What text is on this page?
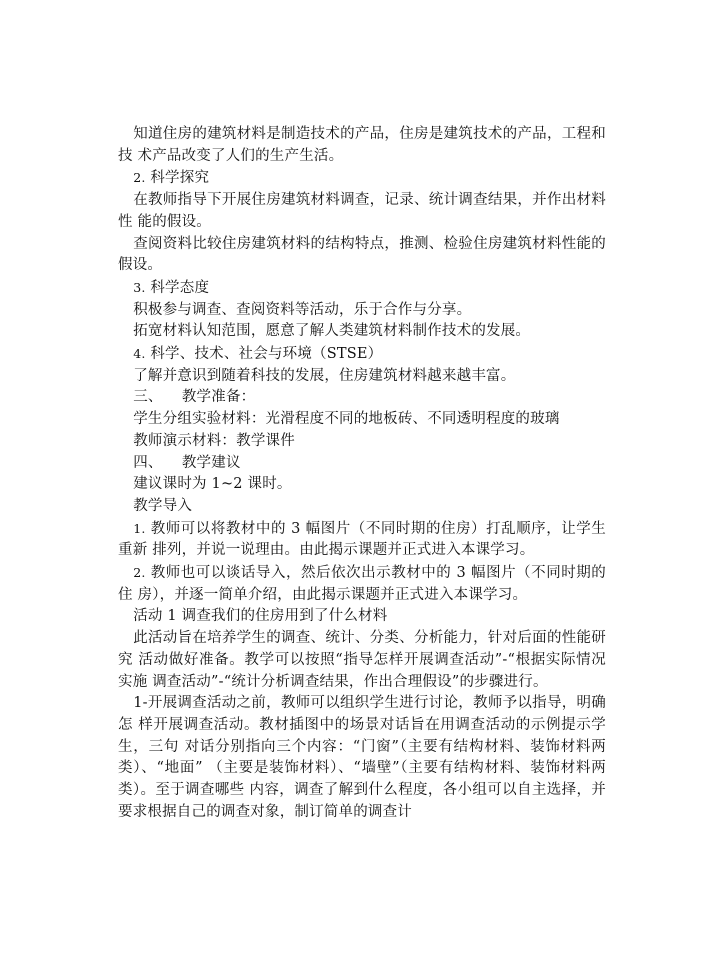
知道住房的建筑材料是制造技术的产品，住房是建筑技术的产品，工程和技 术产品改变了人们的生产生活。

2. 科学探究

在教师指导下开展住房建筑材料调查，记录、统计调查结果，并作出材料性 能的假设。

查阅资料比较住房建筑材料的结构特点，推测、检验住房建筑材料性能的 假设。

3. 科学态度

积极参与调查、查阅资料等活动，乐于合作与分享。

拓宽材料认知范围，愿意了解人类建筑材料制作技术的发展。

4. 科学、技术、社会与环境（STSE）

了解并意识到随着科技的发展，住房建筑材料越来越丰富。

三、    教学准备：

学生分组实验材料：光滑程度不同的地板砖、不同透明程度的玻璃

教师演示材料：教学课件

四、    教学建议

建议课时为 1~2 课时。

教学导入

1. 教师可以将教材中的 3 幅图片（不同时期的住房）打乱顺序，让学生重新 排列，并说一说理由。由此揭示课题并正式进入本课学习。

2. 教师也可以谈话导入，然后依次出示教材中的 3 幅图片（不同时期的住 房），并逐一简单介绍，由此揭示课题并正式进入本课学习。

活动 1 调查我们的住房用到了什么材料

此活动旨在培养学生的调查、统计、分类、分析能力，针对后面的性能研究 活动做好准备。教学可以按照“指导怎样开展调查活动”-“根据实际情况实施 调查活动”-“统计分析调查结果，作出合理假设”的步骤进行。

1-开展调查活动之前，教师可以组织学生进行讨论，教师予以指导，明确怎 样开展调查活动。教材插图中的场景对话旨在用调查活动的示例提示学生，三句 对话分别指向三个内容：“门窗”（主要有结构材料、装饰材料两类）、“地面” （主要是装饰材料）、“墙壁”（主要有结构材料、装饰材料两类）。至于调查哪些 内容，调查了解到什么程度，各小组可以自主选择，并要求根据自己的调查对象，制订简单的调查计
